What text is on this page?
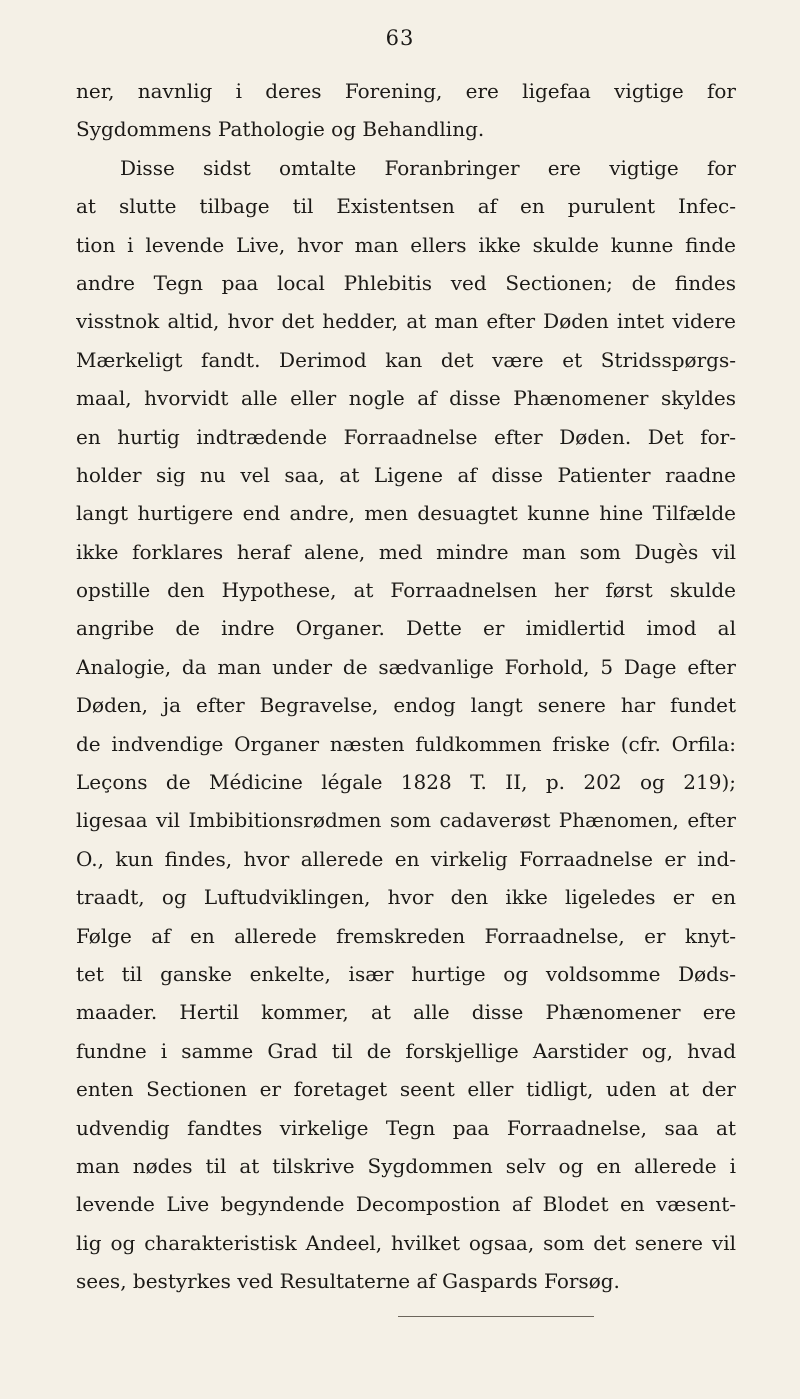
63
ner, navnlig i deres Forening, ere ligefaa vigtige for
Sygdommens Pathologie og Behandling.
Disse sidst omtalte Foranbringer ere vigtige for
at slutte tilbage til Existentsen af en purulent Infec-
tion i levende Live, hvor man ellers ikke skulde kunne finde
andre Tegn paa local Phlebitis ved Sectionen; de findes
visstnok altid, hvor det hedder, at man efter Døden intet videre
Mærkeligt fandt. Derimod kan det være et Stridsspørgs-
maal, hvorvidt alle eller nogle af disse Phænomener skyldes
en hurtig indtrædende Forraadnelse efter Døden. Det for-
holder sig nu vel saa, at Ligene af disse Patienter raadne
langt hurtigere end andre, men desuagtet kunne hine Tilfælde
ikke forklares heraf alene, med mindre man som Dugès vil
opstille den Hypothese, at Forraadnelsen her først skulde
angribe de indre Organer. Dette er imidlertid imod al
Analogie, da man under de sædvanlige Forhold, 5 Dage efter
Døden, ja efter Begravelse, endog langt senere har fundet
de indvendige Organer næsten fuldkommen friske (cfr. Orfila:
Leçons de Médicine légale 1828 T. II, p. 202 og 219);
ligesaa vil Imbibitionsrødmen som cadaverøst Phænomen, efter
O., kun findes, hvor allerede en virkelig Forraadnelse er ind-
traadt, og Luftudviklingen, hvor den ikke ligeledes er en
Følge af en allerede fremskreden Forraadnelse, er knyt-
tet til ganske enkelte, især hurtige og voldsomme Døds-
maader. Hertil kommer, at alle disse Phænomener ere
fundne i samme Grad til de forskjellige Aarstider og, hvad
enten Sectionen er foretaget seent eller tidligt, uden at der
udvendig fandtes virkelige Tegn paa Forraadnelse, saa at
man nødes til at tilskrive Sygdommen selv og en allerede i
levende Live begyndende Decompostion af Blodet en væsent-
lig og charakteristisk Andeel, hvilket ogsaa, som det senere vil
sees, bestyrkes ved Resultaterne af Gaspards Forsøg.
